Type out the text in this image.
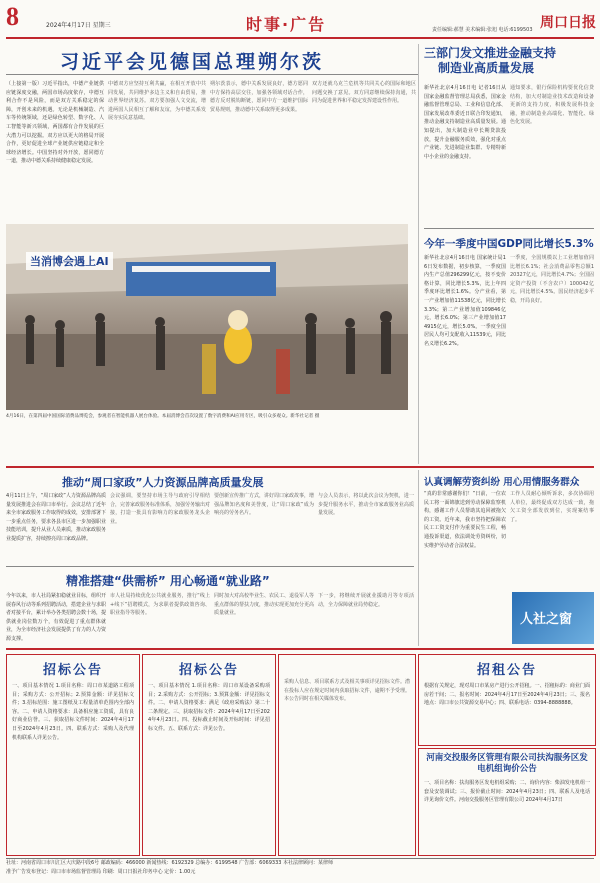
8	2024年4月17日 星期三	时事·广告	周口日报
责任编辑:郝慧 美术编辑:张旭 电话:6199503
习近平会见德国总理朔尔茨
（上接第一版）习近平指出，中德产业链供应链深度交融，两国市场高度依存，中德互利合作不是风险，而是双方关系稳定的保障，开创未来的机遇。无论是机械制造、汽车等传统领域，还是绿色转型、数字化、人工智能等新兴领域，两国都有合作发展的巨大潜力可以挖掘。双方应以更大的格局开展合作，更好促进全球产业链供应链稳定和全球经济增长。中国坚持对外开放，愿同德方一道，推动中德关系持续健康稳定发展。
中德双方应坚持互利共赢，在相互开放中共同发展，共同维护多边主义和自由贸易，推动世界经济复苏。双方要加强人文交流，增进两国人民相互了解和友谊，为中德关系发展夯实民意基础。
朔尔茨表示，德中关系发展良好，德方愿同中方保持高层交往，加强各领域对话合作，德方反对脱钩断链，愿同中方一道维护国际贸易规则，推动德中关系取得更多成果。
双方还就乌克兰危机等共同关心的国际和地区问题交换了意见。双方同意继续保持沟通，共同为促进世界和平稳定发挥建设性作用。
当消博会遇上AI
4月16日，在第四届中国国际消费品博览会，参观者在智能机器人展台体验。本届消博会首次设置了数字消费和AI应用专区，吸引众多观众。新华社记者 摄
三部门发文推进金融支持
制造业高质量发展
新华社北京4月16日电 记者16日从国家金融监督管理总局获悉，国家金融监督管理总局、工业和信息化部、国家发展改革委近日联合印发通知，推动金融支持制造业高质量发展。通知提出，加大制造业中长期贷款投放，提升金融服务质效，强化对重点产业链、先进制造业集群、专精特新中小企业的金融支持。
通知要求，银行保险机构要优化信贷结构，加大对制造业技术改造和设备更新的支持力度，积极发展科技金融，推动制造业高端化、智能化、绿色化发展。
今年一季度中国GDP同比增长5.3%
新华社北京4月16日电 国家统计局16日发布数据，初步核算，一季度国内生产总值296299亿元，按不变价格计算，同比增长5.3%，比上年四季度环比增长1.6%。分产业看，第一产业增加值11538亿元，同比增长3.3%；第二产业增加值109846亿元，增长6.0%；第三产业增加值174915亿元，增长5.0%。一季度全国居民人均可支配收入11539元，同比名义增长6.2%。
一季度，全国规模以上工业增加值同比增长6.1%；社会消费品零售总额120327亿元，同比增长4.7%；全国固定资产投资（不含农户）100042亿元，同比增长4.5%。国民经济起步平稳，开局良好。
推动“周口家政”人力资源品牌高质量发展
4月11日上午，“周口家政”人力资源品牌高质量发展推进会在周口市举行。会议总结了近年来全市家政服务工作取得的成效，安排部署下一步重点任务，要求各县市区进一步加强职业技能培训，提升从业人员素质，推动家政服务业提质扩容，持续擦亮周口家政品牌。
会议强调，要坚持市场主导与政府引导相结合，完善家政服务标准体系，加强劳务输出对接，打造一批具有影响力的家政服务龙头企业。
要创新宣传推广方式，讲好周口家政故事，增强品牌知名度和美誉度，让“周口家政”成为响亮的劳务名片。
与会人员表示，将以此次会议为契机，进一步提升服务水平，推动全市家政服务业高质量发展。
精准搭建“供需桥” 用心畅通“就业路”
今年以来，市人社局紧扣稳就业目标，组织开展春风行动等系列招聘活动，搭建企业与求职者对接平台，累计举办各类招聘会数十场，提供就业岗位数万个，有效促进了重点群体就业，为全市经济社会发展提供了有力的人力资源支撑。
市人社局持续优化公共就业服务，推行“线上+线下”招聘模式，为求职者提供政策咨询、职业指导等服务。
同时加大对高校毕业生、农民工、退役军人等重点群体的帮扶力度，推动实现更加充分更高质量就业。
下一步，将继续开展就业援助月等专项活动，全力保障就业局势稳定。
认真调解劳资纠纷 用心用情服务群众
“真的非常感谢你们！”日前，一位农民工将一面锦旗送到劳动保障监察机构，感谢工作人员帮助其追回被拖欠的工资。近年来，我市坚持把保障农民工工资支付作为重要民生工程，畅通投诉渠道，依法调处劳资纠纷，切实维护劳动者合法权益。
工作人员耐心倾听诉求，多次协调用人单位，最终促成双方达成一致，拖欠工资全部发放到位，实现案结事了。
人社之窗
招标公告
一、项目基本情况 1.项目名称：周口市某道路工程项目；采购方式：公开招标；2.预算金额：详见招标文件；3.招标范围：施工图纸及工程量清单范围内全部内容。二、申请人资格要求：具备相应施工资质，具有良好商业信誉。三、获取招标文件时间：2024年4月17日至2024年4月23日。四、联系方式：采购人及代理机构联系人详见公告。
招标公告
一、项目基本情况 1.项目名称：周口市某设备采购项目；2.采购方式：公开招标；3.预算金额：详见招标文件。二、申请人资格要求：满足《政府采购法》第二十二条规定。三、获取招标文件：2024年4月17日至2024年4月23日。四、投标截止时间及开标时间：详见招标文件。五、联系方式：详见公告。

采购人信息、项目联系方式及相关事项详见招标文件。潜在投标人应在规定时间内获取招标文件，逾期不予受理。本公告同时在相关媒体发布。
招租公告
根据有关规定，现对周口市某房产进行公开招租。一、招租标的：商业门面房若干间；二、报名时间：2024年4月17日至2024年4月23日；三、报名地点：周口市公共资源交易中心；四、联系电话：0394-8888888。
河南交投服务区管理有限公司扶沟服务区发电机组询价公告
一、项目名称：扶沟服务区发电机组采购；二、询价内容：柴油发电机组一套及安装调试；三、报价截止时间：2024年4月23日；四、联系人及电话详见询价文件。河南交投服务区管理有限公司 2024年4月17日
社址：河南省周口市川汇区大庆路中段6号 邮政编码：466000 新闻热线：6192329 总编办：6199548 广告部：6069333 本社法律顾问：某律师
准予广告发布登记：周口市市场监督管理局 印刷：周口日报社印务中心 定价：1.00元
